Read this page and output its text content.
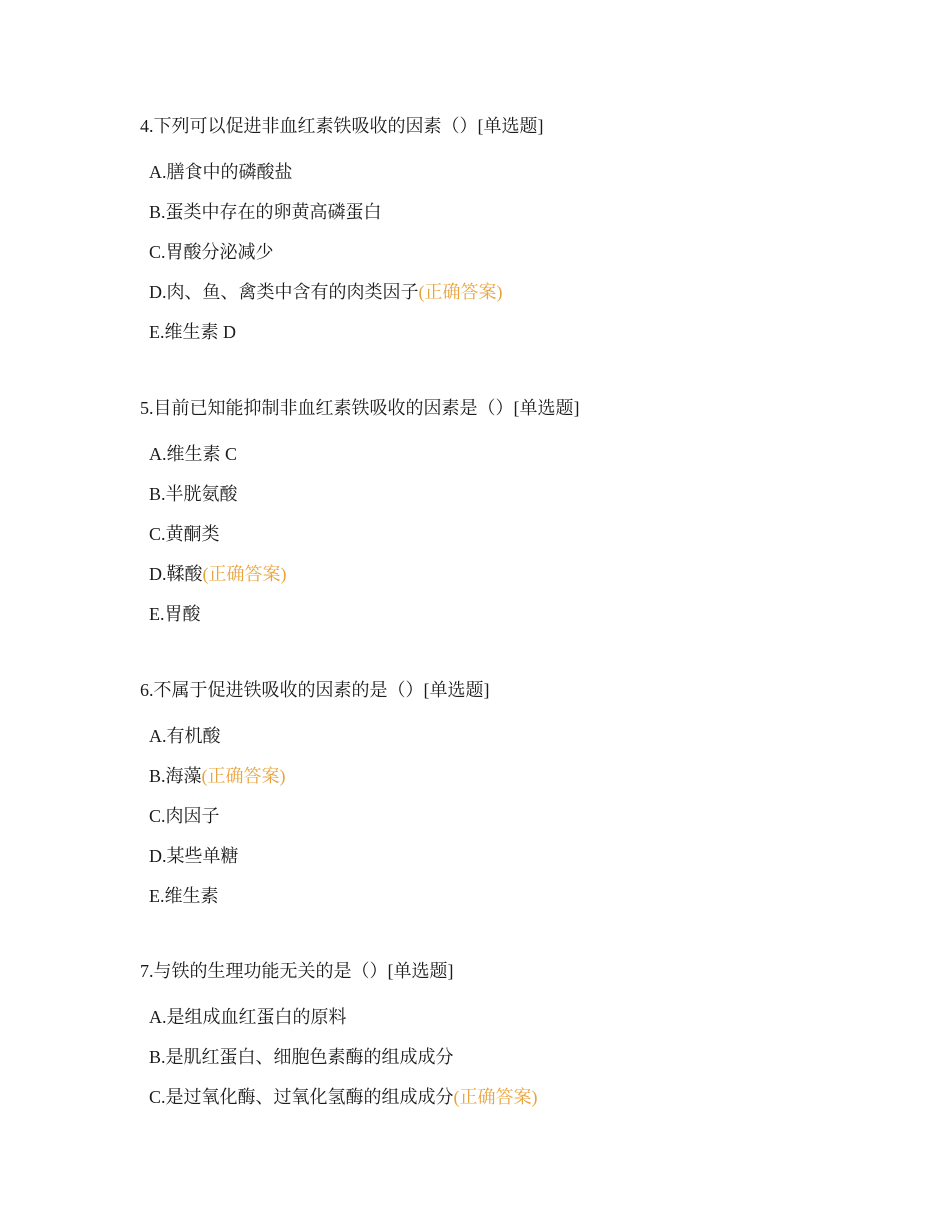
4.下列可以促进非血红素铁吸收的因素（）[单选题]

A.膳食中的磷酸盐
B.蛋类中存在的卵黄高磷蛋白
C.胃酸分泌减少
D.肉、鱼、禽类中含有的肉类因子(正确答案)
E.维生素 D

5.目前已知能抑制非血红素铁吸收的因素是（）[单选题]

A.维生素 C
B.半胱氨酸
C.黄酮类
D.鞣酸(正确答案)
E.胃酸

6.不属于促进铁吸收的因素的是（）[单选题]

A.有机酸
B.海藻(正确答案)
C.肉因子
D.某些单糖
E.维生素

7.与铁的生理功能无关的是（）[单选题]

A.是组成血红蛋白的原料
B.是肌红蛋白、细胞色素酶的组成成分
C.是过氧化酶、过氧化氢酶的组成成分(正确答案)
